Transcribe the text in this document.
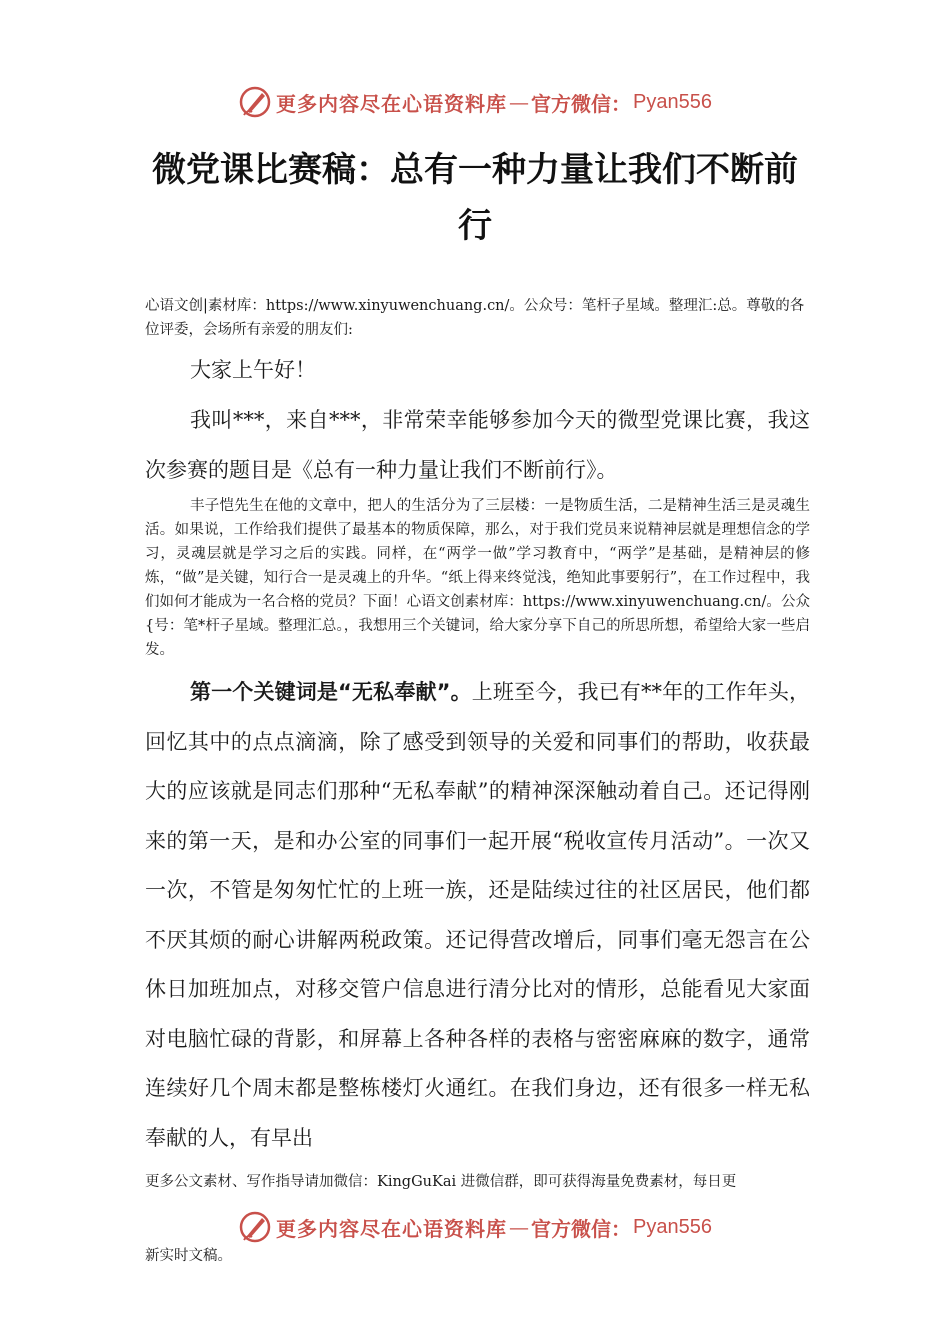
更多内容尽在心语资料库 — 官方微信： Pyan556
微党课比赛稿：总有一种力量让我们不断前行

心语文创|素材库：https://www.xinyuwenchuang.cn/。公众号：笔杆子星域。整理汇:总。尊敬的各位评委，会场所有亲爱的朋友们:

大家上午好！

我叫***，来自***，非常荣幸能够参加今天的微型党课比赛，我这次参赛的题目是《总有一种力量让我们不断前行》。

丰子恺先生在他的文章中，把人的生活分为了三层楼：一是物质生活，二是精神生活三是灵魂生活。如果说，工作给我们提供了最基本的物质保障，那么，对于我们党员来说精神层就是理想信念的学习，灵魂层就是学习之后的实践。同样，在“两学一做”学习教育中，“两学”是基础，是精神层的修炼，“做”是关键，知行合一是灵魂上的升华。“纸上得来终觉浅，绝知此事要躬行”，在工作过程中，我们如何才能成为一名合格的党员？下面！心语文创素材库：https://www.xinyuwenchuang.cn/。公众{号：笔*杆子星域。整理汇总。，我想用三个关键词，给大家分享下自己的所思所想，希望给大家一些启发。

第一个关键词是“无私奉献”。上班至今，我已有**年的工作年头，回忆其中的点点滴滴，除了感受到领导的关爱和同事们的帮助，收获最大的应该就是同志们那种“无私奉献”的精神深深触动着自己。还记得刚来的第一天，是和办公室的同事们一起开展“税收宣传月活动”。一次又一次，不管是匆匆忙忙的上班一族，还是陆续过往的社区居民，他们都不厌其烦的耐心讲解两税政策。还记得营改增后，同事们毫无怨言在公休日加班加点，对移交管户信息进行清分比对的情形，总能看见大家面对电脑忙碌的背影，和屏幕上各种各样的表格与密密麻麻的数字，通常连续好几个周末都是整栋楼灯火通红。在我们身边，还有很多一样无私奉献的人，有早出

更多公文素材、写作指导请加微信：KingGuKai 进微信群，即可获得海量免费素材，每日更

更多内容尽在心语资料库 — 官方微信： Pyan556

新实时文稿。
